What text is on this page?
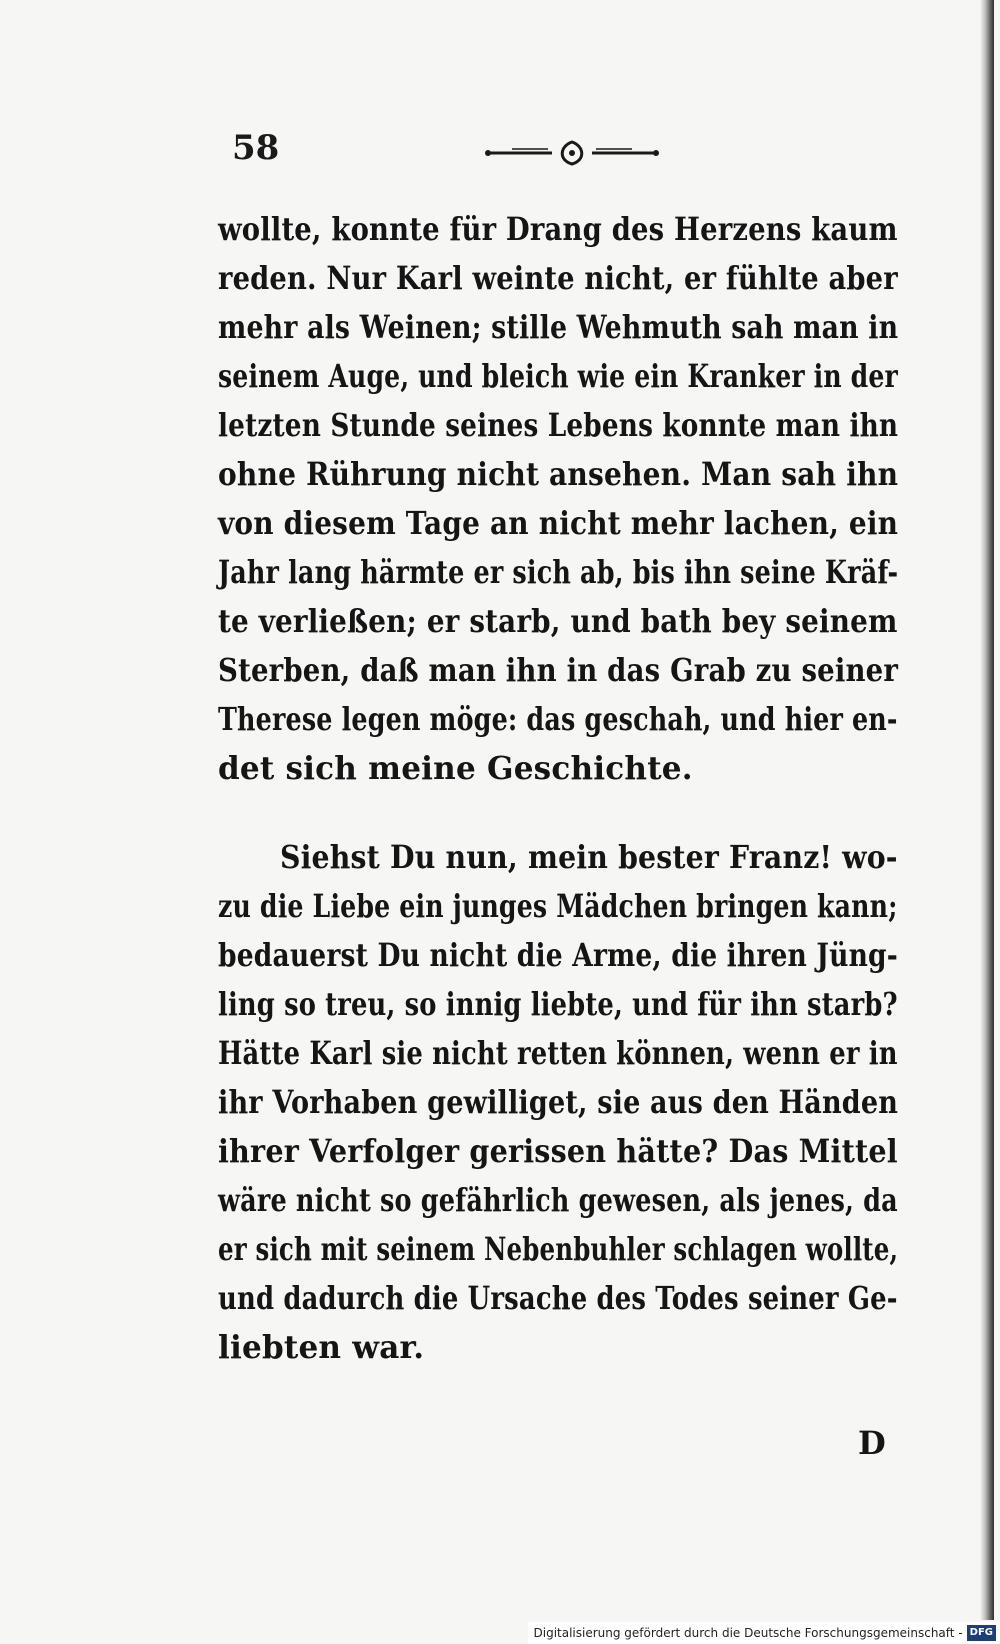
58
wollte, konnte für Drang des Herzens kaum
reden. Nur Karl weinte nicht, er fühlte aber
mehr als Weinen; stille Wehmuth sah man in
seinem Auge, und bleich wie ein Kranker in der
letzten Stunde seines Lebens konnte man ihn
ohne Rührung nicht ansehen. Man sah ihn
von diesem Tage an nicht mehr lachen, ein
Jahr lang härmte er sich ab, bis ihn seine Kräf-
te verließen; er starb, und bath bey seinem
Sterben, daß man ihn in das Grab zu seiner
Therese legen möge: das geschah, und hier en-
det sich meine Geschichte.
Siehst Du nun, mein bester Franz! wo-
zu die Liebe ein junges Mädchen bringen kann;
bedauerst Du nicht die Arme, die ihren Jüng-
ling so treu, so innig liebte, und für ihn starb?
Hätte Karl sie nicht retten können, wenn er in
ihr Vorhaben gewilliget, sie aus den Händen
ihrer Verfolger gerissen hätte? Das Mittel
wäre nicht so gefährlich gewesen, als jenes, da
er sich mit seinem Nebenbuhler schlagen wollte,
und dadurch die Ursache des Todes seiner Ge-
liebten war.
D
Digitalisierung gefördert durch die Deutsche Forschungsgemeinschaft - DFG
